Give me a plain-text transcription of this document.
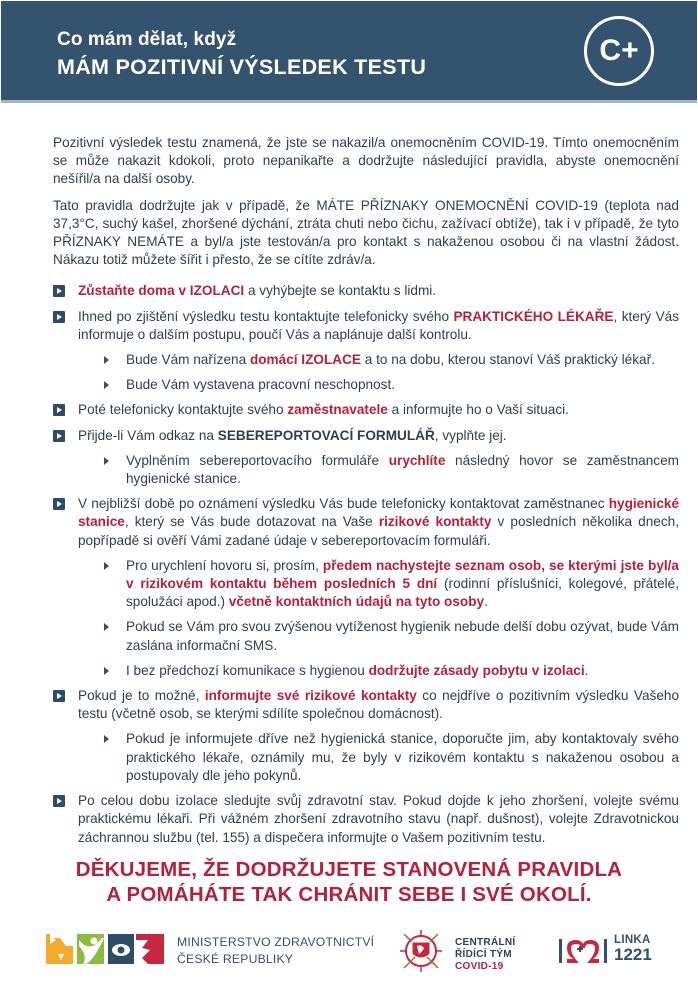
Co mám dělat, když
MÁM POZITIVNÍ VÝSLEDEK TESTU	C+

Pozitivní výsledek testu znamená, že jste se nakazil/a onemocněním COVID-19. Tímto onemocněním se může nakazit kdokoli, proto nepanikařte a dodržujte následující pravidla, abyste onemocnění nešířil/a na další osoby.

Tato pravidla dodržujte jak v případě, že MÁTE PŘÍZNAKY ONEMOCNĚNÍ COVID-19 (teplota nad 37,3°C, suchý kašel, zhoršené dýchání, ztráta chuti nebo čichu, zažívací obtíže), tak i v případě, že tyto PŘÍZNAKY NEMÁTE a byl/a jste testován/a pro kontakt s nakaženou osobou či na vlastní žádost. Nákazu totiž můžete šířit i přesto, že se cítíte zdráv/a.

Zůstaňte doma v IZOLACI a vyhýbejte se kontaktu s lidmi.
Ihned po zjištění výsledku testu kontaktujte telefonicky svého PRAKTICKÉHO LÉKAŘE, který Vás informuje o dalším postupu, poučí Vás a naplánuje další kontrolu.
Bude Vám nařízena domácí IZOLACE a to na dobu, kterou stanoví Váš praktický lékař.
Bude Vám vystavena pracovní neschopnost.
Poté telefonicky kontaktujte svého zaměstnavatele a informujte ho o Vaší situaci.
Přijde-li Vám odkaz na SEBEREPORTOVACÍ FORMULÁŘ, vyplňte jej.
Vyplněním sebereportovacího formuláře urychlíte následný hovor se zaměstnancem hygienické stanice.
V nejbližší době po oznámení výsledku Vás bude telefonicky kontaktovat zaměstnanec hygienické stanice, který se Vás bude dotazovat na Vaše rizikové kontakty v posledních několika dnech, popřípadě si ověří Vámi zadané údaje v sebereportovacím formuláři.
Pro urychlení hovoru si, prosím, předem nachystejte seznam osob, se kterými jste byl/a v rizikovém kontaktu během posledních 5 dní (rodinní příslušníci, kolegové, přátelé, spolužáci apod.) včetně kontaktních údajů na tyto osoby.
Pokud se Vám pro svou zvýšenou vytíženost hygienik nebude delší dobu ozývat, bude Vám zaslána informační SMS.
I bez předchozí komunikace s hygienou dodržujte zásady pobytu v izolaci.
Pokud je to možné, informujte své rizikové kontakty co nejdříve o pozitivním výsledku Vašeho testu (včetně osob, se kterými sdílíte společnou domácnost).
Pokud je informujete dříve než hygienická stanice, doporučte jim, aby kontaktovaly svého praktického lékaře, oznámily mu, že byly v rizikovém kontaktu s nakaženou osobou a postupovaly dle jeho pokynů.
Po celou dobu izolace sledujte svůj zdravotní stav. Pokud dojde k jeho zhoršení, volejte svému praktickému lékaři. Při vážném zhoršení zdravotního stavu (např. dušnost), volejte Zdravotnickou záchrannou službu (tel. 155) a dispečera informujte o Vašem pozitivním testu.
DĚKUJEME, ŽE DODRŽUJETE STANOVENÁ PRAVIDLA
A POMÁHÁTE TAK CHRÁNIT SEBE I SVÉ OKOLÍ.
MINISTERSTVO ZDRAVOTNICTVÍ
ČESKÉ REPUBLIKY
CENTRÁLNÍ
ŘÍDÍCÍ TÝM
COVID-19
LINKA
1221
